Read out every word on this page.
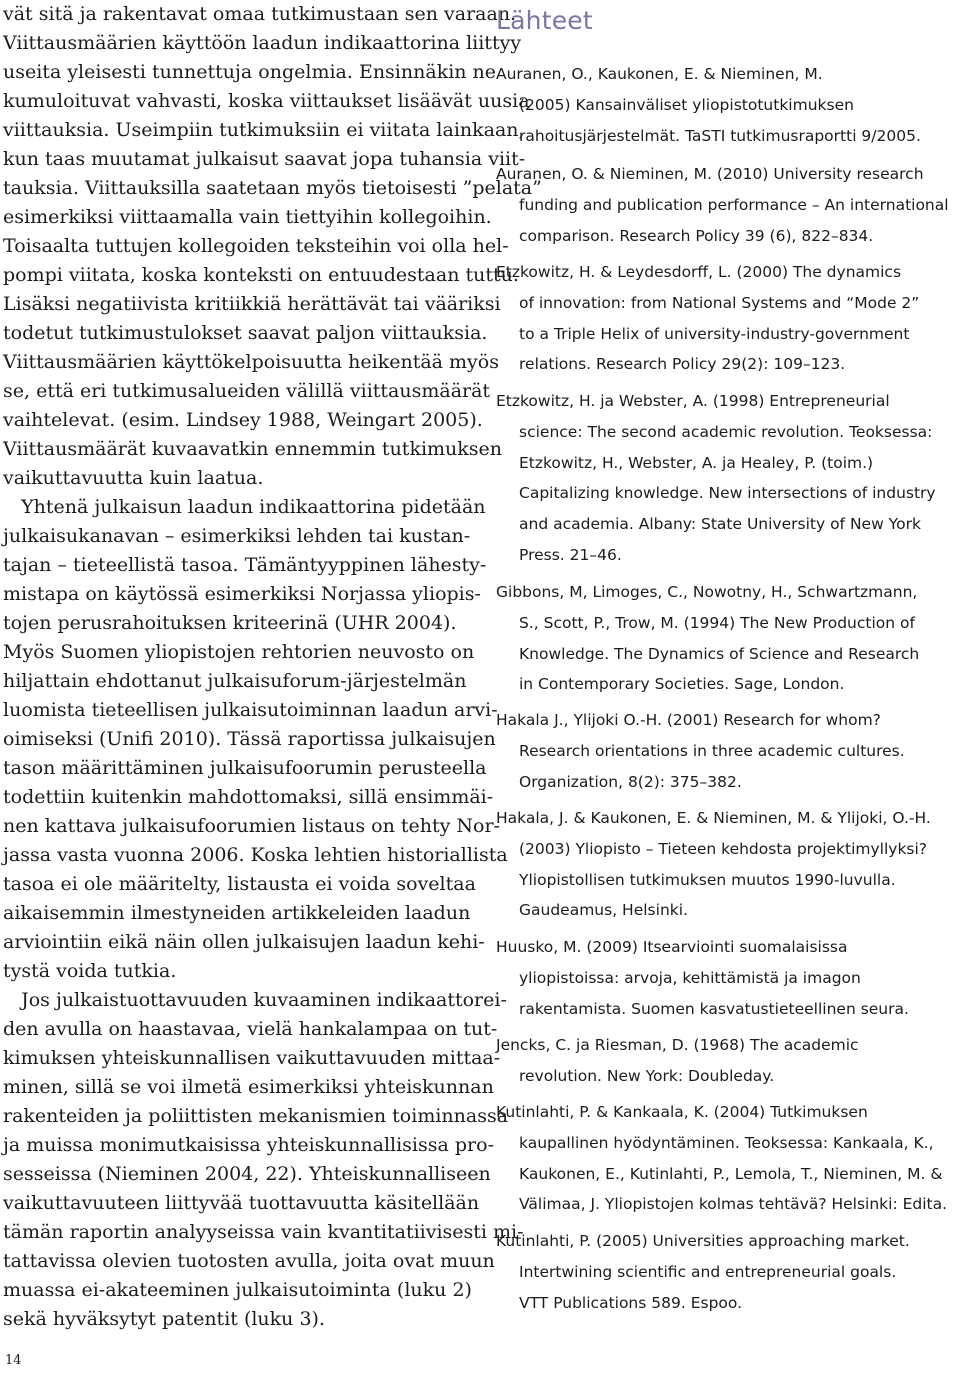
vät sitä ja rakentavat omaa tutkimustaan sen varaan.
Viittausmäärien käyttöön laadun indikaattorina liittyy
useita yleisesti tunnettuja ongelmia. Ensinnäkin ne
kumuloituvat vahvasti, koska viittaukset lisäävät uusia
viittauksia. Useimpiin tutkimuksiin ei viitata lainkaan,
kun taas muutamat julkaisut saavat jopa tuhansia viit-
tauksia. Viittauksilla saatetaan myös tietoisesti ”pelata”
esimerkiksi viittaamalla vain tiettyihin kollegoihin.
Toisaalta tuttujen kollegoiden teksteihin voi olla hel-
pompi viitata, koska konteksti on entuudestaan tuttu.
Lisäksi negatiivista kritiikkiä herättävät tai vääriksi
todetut tutkimustulokset saavat paljon viittauksia.
Viittausmäärien käyttökelpoisuutta heikentää myös
se, että eri tutkimusalueiden välillä viittausmäärät
vaihtelevat. (esim. Lindsey 1988, Weingart 2005).
Viittausmäärät kuvaavatkin ennemmin tutkimuksen
vaikuttavuutta kuin laatua.
Yhtenä julkaisun laadun indikaattorina pidetään
julkaisukanavan – esimerkiksi lehden tai kustan-
tajan – tieteellistä tasoa. Tämäntyyppinen lähesty-
mistapa on käytössä esimerkiksi Norjassa yliopis-
tojen perusrahoituksen kriteerinä (UHR 2004).
Myös Suomen yliopistojen rehtorien neuvosto on
hiljattain ehdottanut julkaisuforum-järjestelmän
luomista tieteellisen julkaisutoiminnan laadun arvi-
oimiseksi (Unifi 2010). Tässä raportissa julkaisujen
tason määrittäminen julkaisufoorumin perusteella
todettiin kuitenkin mahdottomaksi, sillä ensimmäi-
nen kattava julkaisufoorumien listaus on tehty Nor-
jassa vasta vuonna 2006. Koska lehtien historiallista
tasoa ei ole määritelty, listausta ei voida soveltaa
aikaisemmin ilmestyneiden artikkeleiden laadun
arviointiin eikä näin ollen julkaisujen laadun kehi-
tystä voida tutkia.
Jos julkaistuottavuuden kuvaaminen indikaattorei-
den avulla on haastavaa, vielä hankalampaa on tut-
kimuksen yhteiskunnallisen vaikuttavuuden mittaa-
minen, sillä se voi ilmetä esimerkiksi yhteiskunnan
rakenteiden ja poliittisten mekanismien toiminnassa
ja muissa monimutkaisissa yhteiskunnallisissa pro-
sesseissa (Nieminen 2004, 22). Yhteiskunnalliseen
vaikuttavuuteen liittyvää tuottavuutta käsitellään
tämän raportin analyyseissa vain kvantitatiivisesti mi-
tattavissa olevien tuotosten avulla, joita ovat muun
muassa ei-akateeminen julkaisutoiminta (luku 2)
sekä hyväksytyt patentit (luku 3).
Lähteet
Auranen, O., Kaukonen, E. & Nieminen, M.
(2005) Kansainväliset yliopistotutkimuksen
rahoitusjärjestelmät. TaSTI tutkimusraportti 9/2005.
Auranen, O. & Nieminen, M. (2010) University research
funding and publication performance – An international
comparison. Research Policy 39 (6), 822–834.
Etzkowitz, H. & Leydesdorff, L. (2000) The dynamics
of innovation: from National Systems and “Mode 2”
to a Triple Helix of university-industry-government
relations. Research Policy 29(2): 109–123.
Etzkowitz, H. ja Webster, A. (1998) Entrepreneurial
science: The second academic revolution. Teoksessa:
Etzkowitz, H., Webster, A. ja Healey, P. (toim.)
Capitalizing knowledge. New intersections of industry
and academia. Albany: State University of New York
Press. 21–46.
Gibbons, M, Limoges, C., Nowotny, H., Schwartzmann,
S., Scott, P., Trow, M. (1994) The New Production of
Knowledge. The Dynamics of Science and Research
in Contemporary Societies. Sage, London.
Hakala J., Ylijoki O.-H. (2001) Research for whom?
Research orientations in three academic cultures.
Organization, 8(2): 375–382.
Hakala, J. & Kaukonen, E. & Nieminen, M. & Ylijoki, O.-H.
(2003) Yliopisto – Tieteen kehdosta projektimyllyksi?
Yliopistollisen tutkimuksen muutos 1990-luvulla.
Gaudeamus, Helsinki.
Huusko, M. (2009) Itsearviointi suomalaisissa
yliopistoissa: arvoja, kehittämistä ja imagon
rakentamista. Suomen kasvatustieteellinen seura.
Jencks, C. ja Riesman, D. (1968) The academic
revolution. New York: Doubleday.
Kutinlahti, P. & Kankaala, K. (2004) Tutkimuksen
kaupallinen hyödyntäminen. Teoksessa: Kankaala, K.,
Kaukonen, E., Kutinlahti, P., Lemola, T., Nieminen, M. &
Välimaa, J. Yliopistojen kolmas tehtävä? Helsinki: Edita.
Kutinlahti, P. (2005) Universities approaching market.
Intertwining scientific and entrepreneurial goals.
VTT Publications 589. Espoo.
14
